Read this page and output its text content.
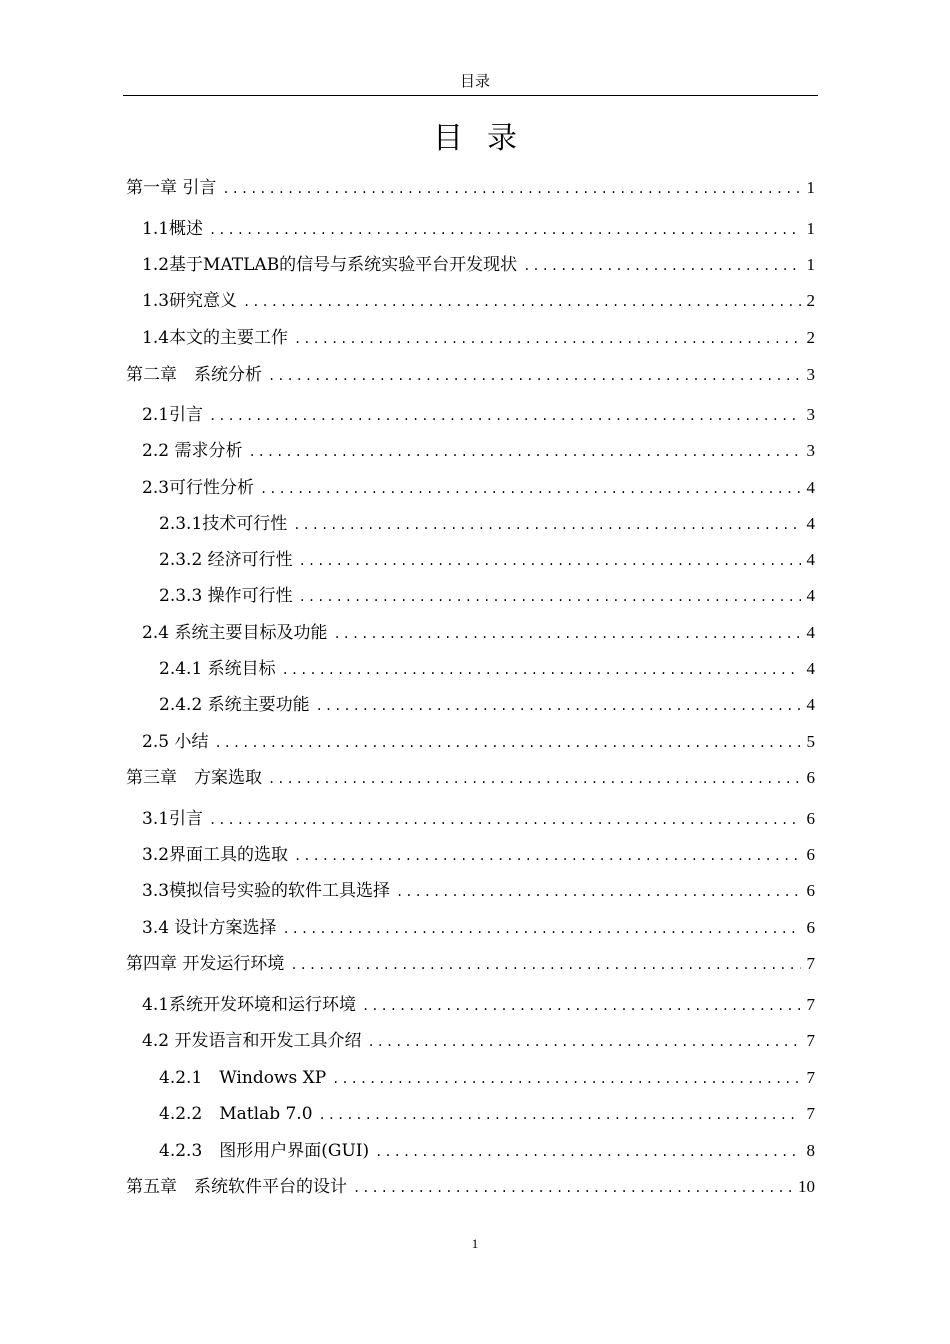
目录
目录
第一章 引言 .....	1
1.1概述 .....	1
1.2基于MATLAB的信号与系统实验平台开发现状 .....	1
1.3研究意义 .....	2
1.4本文的主要工作 .....	2
第二章　系统分析 .....	3
2.1引言 .....	3
2.2 需求分析 .....	3
2.3可行性分析 .....	4
2.3.1技术可行性 .....	4
2.3.2 经济可行性 .....	4
2.3.3 操作可行性 .....	4
2.4 系统主要目标及功能 .....	4
2.4.1 系统目标 .....	4
2.4.2 系统主要功能 .....	4
2.5 小结 .....	5
第三章　方案选取 .....	6
3.1引言 .....	6
3.2界面工具的选取 .....	6
3.3模拟信号实验的软件工具选择 .....	6
3.4 设计方案选择 .....	6
第四章 开发运行环境 .....	7
4.1系统开发环境和运行环境 .....	7
4.2 开发语言和开发工具介绍 .....	7
4.2.1　Windows XP .....	7
4.2.2　Matlab 7.0 .....	7
4.2.3　图形用户界面(GUI) .....	8
第五章　系统软件平台的设计 .....	10
1
